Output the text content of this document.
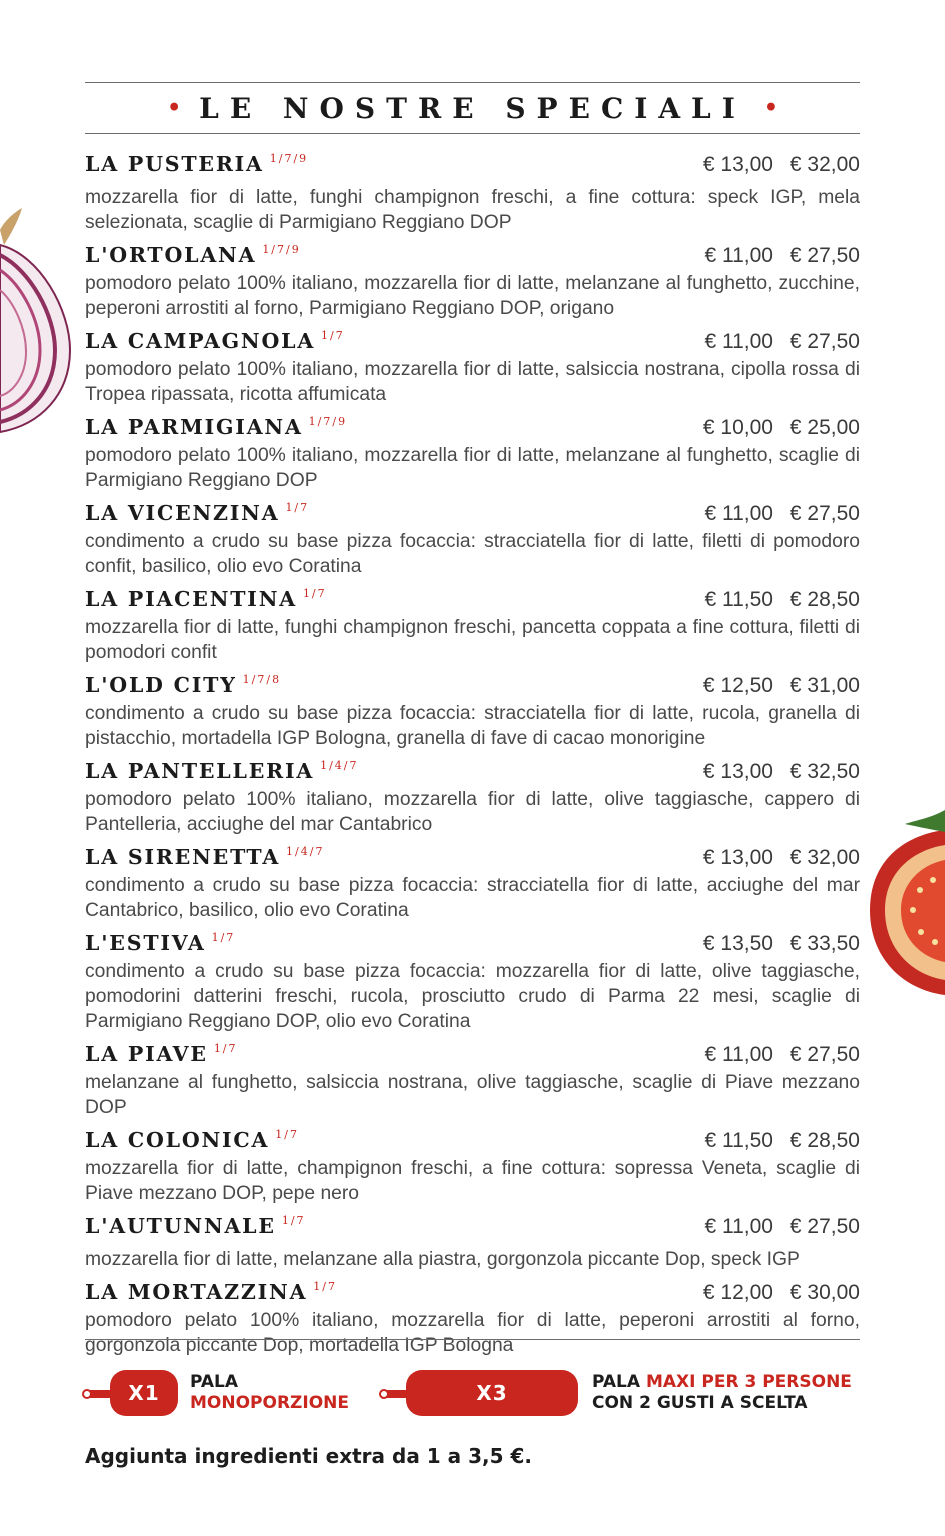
• LE NOSTRE SPECIALI •
LA PUSTERIA 1/7/9	€ 13,00 € 32,00
mozzarella fior di latte, funghi champignon freschi, a fine cottura: speck IGP, mela selezionata, scaglie di Parmigiano Reggiano DOP
L'ORTOLANA 1/7/9	€ 11,00 € 27,50
pomodoro pelato 100% italiano, mozzarella fior di latte, melanzane al funghetto, zucchine, peperoni arrostiti al forno, Parmigiano Reggiano DOP, origano
LA CAMPAGNOLA 1/7	€ 11,00 € 27,50
pomodoro pelato 100% italiano, mozzarella fior di latte, salsiccia nostrana, cipolla rossa di Tropea ripassata, ricotta affumicata
LA PARMIGIANA 1/7/9	€ 10,00 € 25,00
pomodoro pelato 100% italiano, mozzarella fior di latte, melanzane al funghetto, scaglie di Parmigiano Reggiano DOP
LA VICENZINA 1/7	€ 11,00 € 27,50
condimento a crudo su base pizza focaccia: stracciatella fior di latte, filetti di pomodoro confit, basilico, olio evo Coratina
LA PIACENTINA 1/7	€ 11,50 € 28,50
mozzarella fior di latte, funghi champignon freschi, pancetta coppata a fine cottura, filetti di pomodori confit
L'OLD CITY 1/7/8	€ 12,50 € 31,00
condimento a crudo su base pizza focaccia: stracciatella fior di latte, rucola, granella di pistacchio, mortadella IGP Bologna, granella di fave di cacao monorigine
LA PANTELLERIA 1/4/7	€ 13,00 € 32,50
pomodoro pelato 100% italiano, mozzarella fior di latte, olive taggiasche, cappero di Pantelleria, acciughe del mar Cantabrico
LA SIRENETTA 1/4/7	€ 13,00 € 32,00
condimento a crudo su base pizza focaccia: stracciatella fior di latte, acciughe del mar Cantabrico, basilico, olio evo Coratina
L'ESTIVA 1/7	€ 13,50 € 33,50
condimento a crudo su base pizza focaccia: mozzarella fior di latte, olive taggiasche, pomodorini datterini freschi, rucola, prosciutto crudo di Parma 22 mesi, scaglie di Parmigiano Reggiano DOP, olio evo Coratina
LA PIAVE 1/7	€ 11,00 € 27,50
melanzane al funghetto, salsiccia nostrana, olive taggiasche, scaglie di Piave mezzano DOP
LA COLONICA 1/7	€ 11,50 € 28,50
mozzarella fior di latte, champignon freschi, a fine cottura: sopressa Veneta, scaglie di Piave mezzano DOP, pepe nero
L'AUTUNNALE 1/7	€ 11,00 € 27,50
mozzarella fior di latte, melanzane alla piastra, gorgonzola piccante Dop, speck IGP
LA MORTAZZINA 1/7	€ 12,00 € 30,00
pomodoro pelato 100% italiano, mozzarella fior di latte, peperoni arrostiti al forno, gorgonzola piccante Dop, mortadella IGP Bologna
X1	PALA
MONOPORZIONE	X3	PALA MAXI PER 3 PERSONE
CON 2 GUSTI A SCELTA
Aggiunta ingredienti extra da 1 a 3,5 €.
